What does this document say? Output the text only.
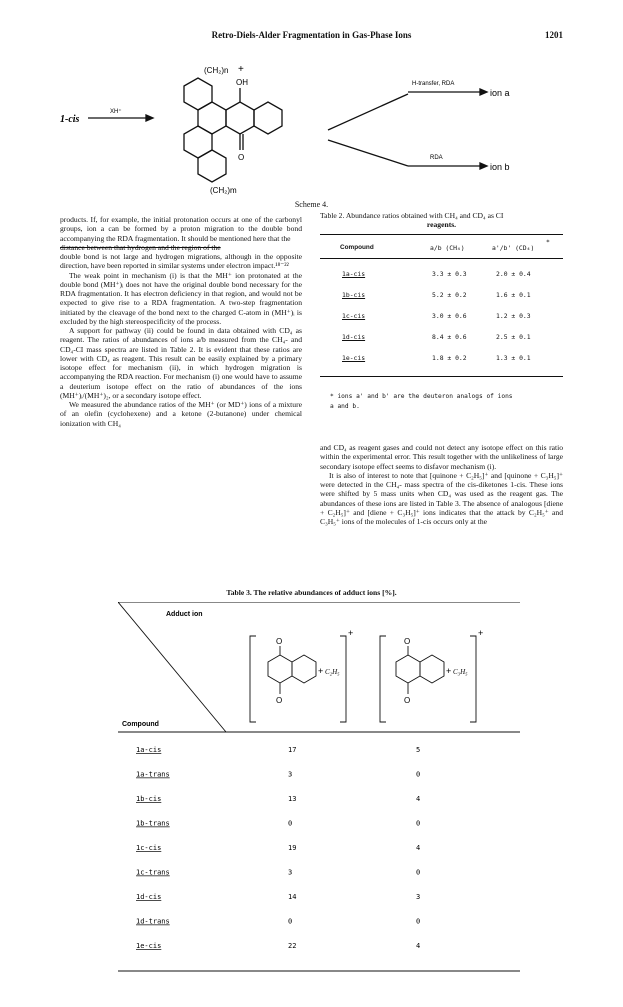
Retro-Diels-Alder Fragmentation in Gas-Phase Ions	1201
1-cis
XH⁺
(CH₂)n +
OH
O
(CH₂)m
H-transfer, RDA
ion a
RDA
ion b
Scheme 4.

products. If, for example, the initial protonation occurs at one of the carbonyl groups, ion a can be formed by a proton migration to the double bond accompanying the RDA fragmentation. It should be mentioned here that the

distance between that hydrogen and the region of the

double bond is not large and hydrogen migrations, although in the opposite direction, have been reported in similar systems under electron impact.¹⁸⁻²²

The weak point in mechanism (i) is that the MH⁺ ion protonated at the double bond (MH⁺)ᵢ does not have the original double bond necessary for the RDA fragmentation. It has electron deficiency in that region, and would not be expected to give rise to a RDA fragmentation. A two-step fragmentation initiated by the cleavage of the bond next to the charged C-atom in (MH⁺)ᵢ is excluded by the high stereospecificity of the process.

A support for pathway (ii) could be found in data obtained with CD₄ as reagent. The ratios of abundances of ions a/b measured from the CH₄- and CD₄-CI mass spectra are listed in Table 2. It is evident that these ratios are lower with CD₄ as reagent. This result can be easily explained by a primary isotope effect for mechanism (ii), in which hydrogen migration is accompanying the RDA reaction. For mechanism (i) one would have to assume a deuterium isotope effect on the ratio of abundances of the ions (MH⁺)ᵢ/(MH⁺)₂, or a secondary isotope effect.

We measured the abundance ratios of the MH⁺ (or MD⁺) ions of a mixture of an olefin (cyclohexene) and a ketone (2-butanone) under chemical ionization with CH₄

Table 2. Abundance ratios obtained with CH₄ and CD₄ as CI
reagents.
Compound	a/b (CH₄)	a'/b' (CD₄)
*
1a-cis	3.3 ± 0.3	2.0 ± 0.4
1b-cis	5.2 ± 0.2	1.6 ± 0.1
1c-cis	3.0 ± 0.6	1.2 ± 0.3
1d-cis	8.4 ± 0.6	2.5 ± 0.1
1e-cis	1.8 ± 0.2	1.3 ± 0.1
* ions a' and b' are the deuteron analogs of ions
a and b.

and CD₄ as reagent gases and could not detect any isotope effect on this ratio within the experimental error. This result together with the unlikeliness of large secondary isotope effect seems to disfavor mechanism (i).

It is also of interest to note that [quinone + C₂H₅]⁺ and [quinone + C₃H₅]⁺ were detected in the CH₄- mass spectra of the cis-diketones 1-cis. These ions were shifted by 5 mass units when CD₄ was used as the reagent gas. The abundances of these ions are listed in Table 3. The absence of analogous [diene + C₂H₅]⁺ and [diene + C₃H₅]⁺ ions indicates that the attack by C₂H₅⁺ and C₃H₅⁺ ions of the molecules of 1-cis occurs only at the

Table 3. The relative abundances of adduct ions [%].
Adduct ion
Compound
O
O
+ C₂H₅
+
O
O
+ C₃H₅
+
1a-cis	17	5
1a-trans	3	0
1b-cis	13	4
1b-trans	0	0
1c-cis	19	4
1c-trans	3	0
1d-cis	14	3
1d-trans	0	0
1e-cis	22	4
